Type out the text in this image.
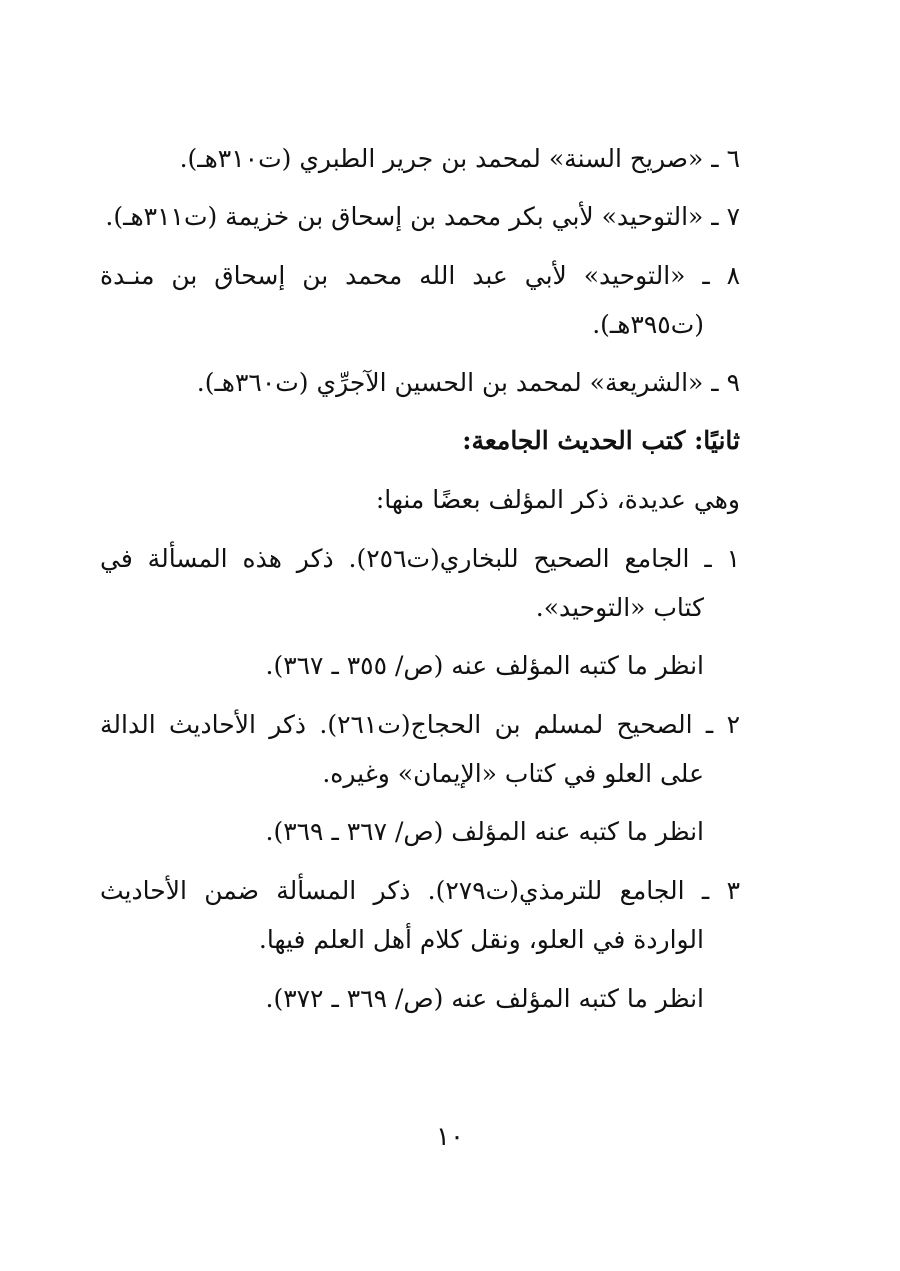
٦ ـ «صريح السنة» لمحمد بن جرير الطبري (ت٣١٠هـ).
٧ ـ «التوحيد» لأبي بكر محمد بن إسحاق بن خزيمة (ت٣١١هـ).
٨ ـ «التوحيد» لأبي عبد الله محمد بن إسحاق بن منـدة
(ت٣٩٥هـ).
٩ ـ «الشريعة» لمحمد بن الحسين الآجرِّي (ت٣٦٠هـ).
ثانيًا: كتب الحديث الجامعة:
وهي عديدة، ذكر المؤلف بعضًا منها:
١ ـ الجامع الصحيح للبخاري(ت٢٥٦). ذكر هذه المسألة في
كتاب «التوحيد».
انظر ما كتبه المؤلف عنه (ص/ ٣٥٥ ـ ٣٦٧).
٢ ـ الصحيح لمسلم بن الحجاج(ت٢٦١). ذكر الأحاديث الدالة
على العلو في كتاب «الإيمان» وغيره.
انظر ما كتبه عنه المؤلف (ص/ ٣٦٧ ـ ٣٦٩).
٣ ـ الجامع للترمذي(ت٢٧٩). ذكر المسألة ضمن الأحاديث
الواردة في العلو، ونقل كلام أهل العلم فيها.
انظر ما كتبه المؤلف عنه (ص/ ٣٦٩ ـ ٣٧٢).
١٠
